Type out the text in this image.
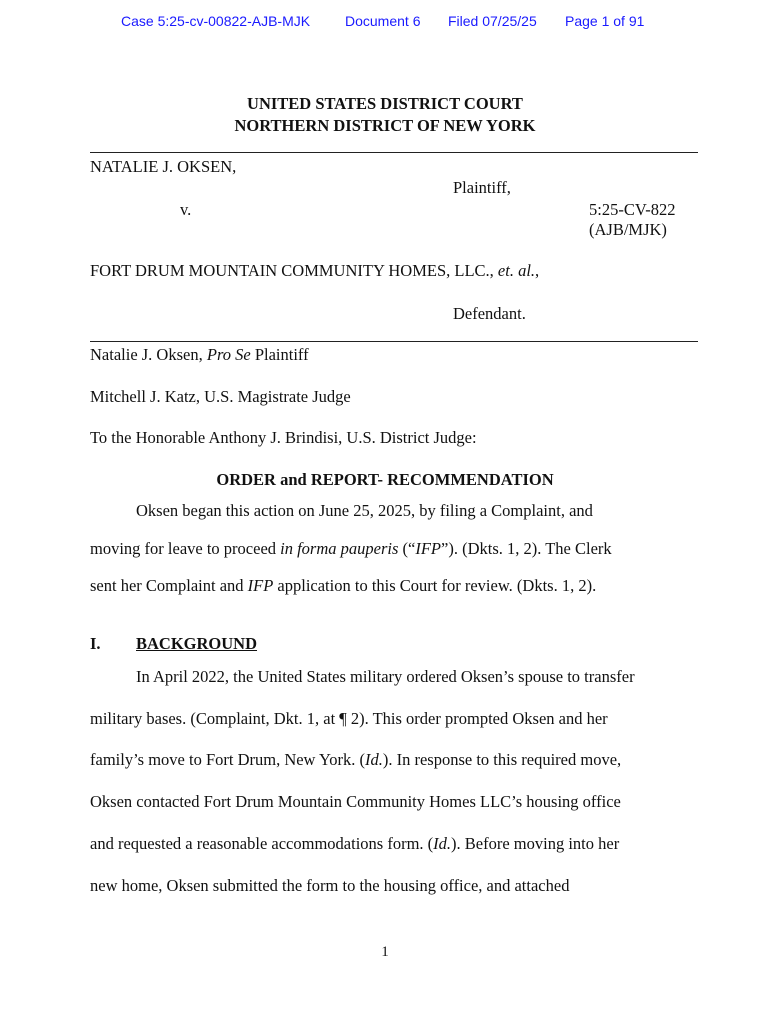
Case 5:25-cv-00822-AJB-MJK Document 6 Filed 07/25/25 Page 1 of 91
UNITED STATES DISTRICT COURT
NORTHERN DISTRICT OF NEW YORK
NATALIE J. OKSEN,
Plaintiff,
v.	5:25-CV-822
(AJB/MJK)
FORT DRUM MOUNTAIN COMMUNITY HOMES, LLC., et. al.,
Defendant.
Natalie J. Oksen, Pro Se Plaintiff
Mitchell J. Katz, U.S. Magistrate Judge
To the Honorable Anthony J. Brindisi, U.S. District Judge:
ORDER and REPORT- RECOMMENDATION
Oksen began this action on June 25, 2025, by filing a Complaint, and
moving for leave to proceed in forma pauperis (“IFP”). (Dkts. 1, 2). The Clerk
sent her Complaint and IFP application to this Court for review. (Dkts. 1, 2).
I. BACKGROUND
In April 2022, the United States military ordered Oksen’s spouse to transfer
military bases. (Complaint, Dkt. 1, at ¶ 2). This order prompted Oksen and her
family’s move to Fort Drum, New York. (Id.). In response to this required move,
Oksen contacted Fort Drum Mountain Community Homes LLC’s housing office
and requested a reasonable accommodations form. (Id.). Before moving into her
new home, Oksen submitted the form to the housing office, and attached
1
